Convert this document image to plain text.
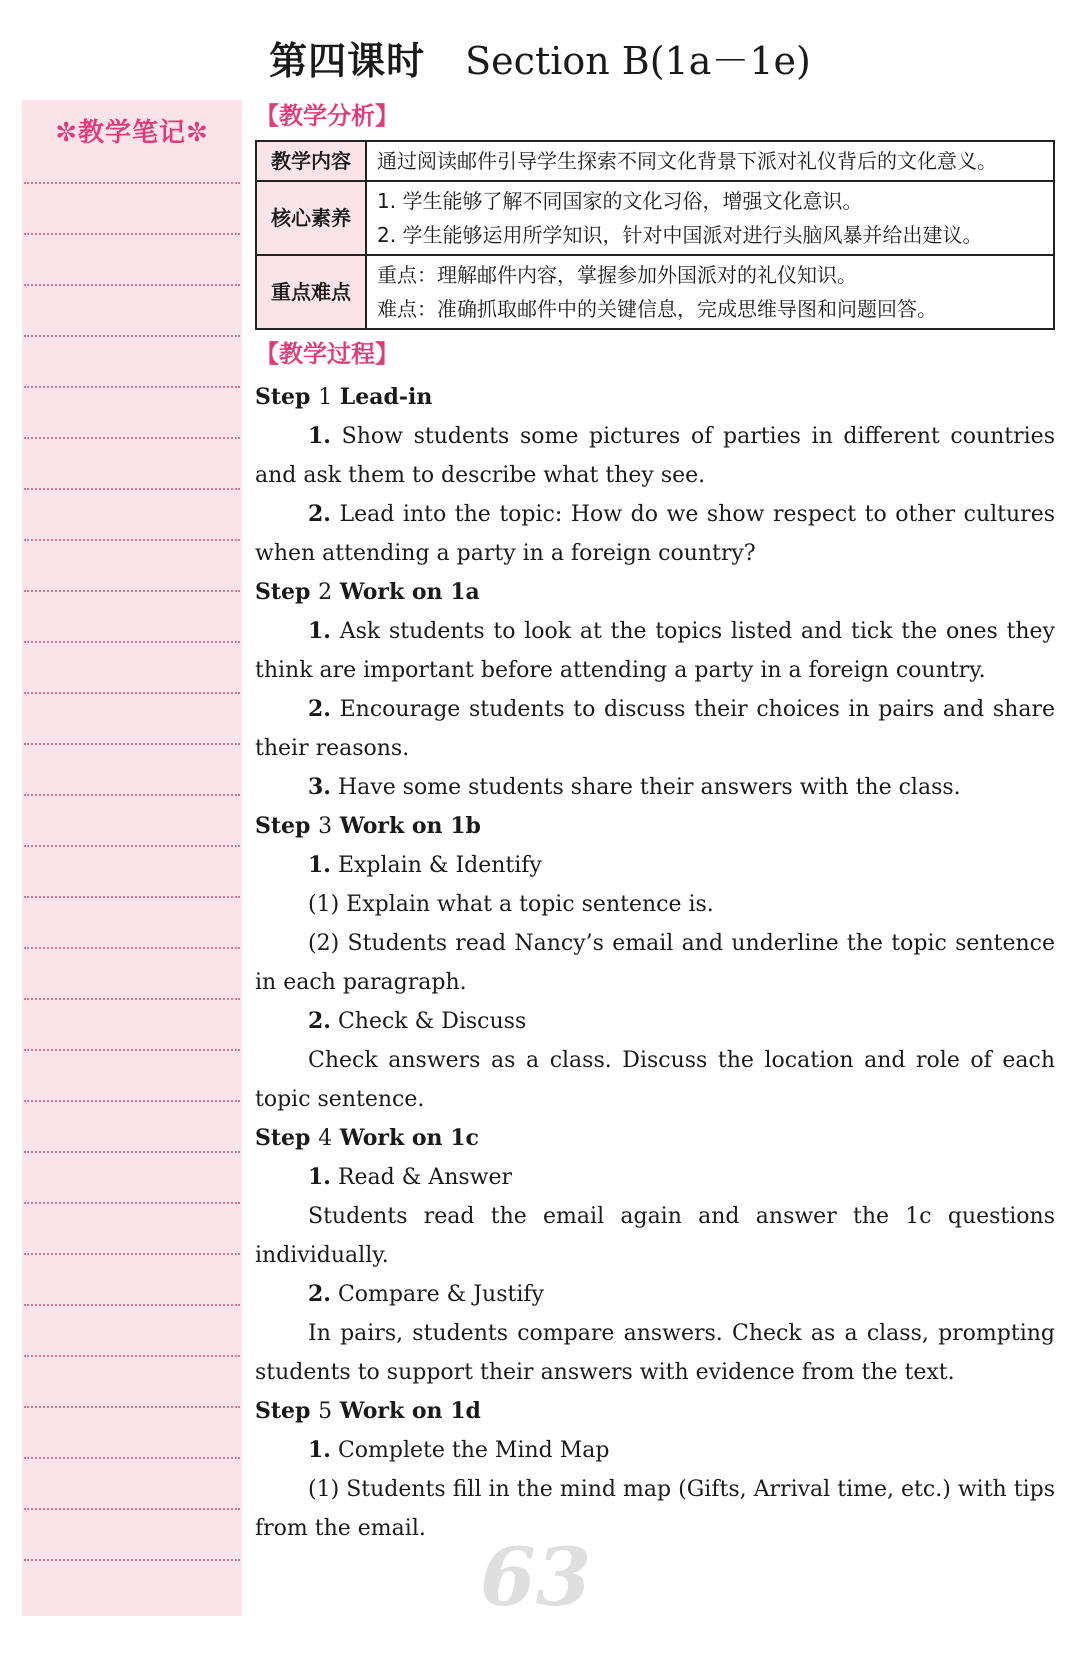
第四课时 Section B(1a－1e)
✼教学笔记✼
【教学分析】
教学内容	通过阅读邮件引导学生探索不同文化背景下派对礼仪背后的文化意义。
核心素养	1. 学生能够了解不同国家的文化习俗，增强文化意识。
2. 学生能够运用所学知识，针对中国派对进行头脑风暴并给出建议。

重点难点	重点：理解邮件内容，掌握参加外国派对的礼仪知识。
难点：准确抓取邮件中的关键信息，完成思维导图和问题回答。
【教学过程】
Step 1 Lead-in
1. Show students some pictures of parties in different countries and ask them to describe what they see.
2. Lead into the topic: How do we show respect to other cultures when attending a party in a foreign country?
Step 2 Work on 1a
1. Ask students to look at the topics listed and tick the ones they think are important before attending a party in a foreign country.
2. Encourage students to discuss their choices in pairs and share their reasons.
3. Have some students share their answers with the class.
Step 3 Work on 1b
1. Explain & Identify
(1) Explain what a topic sentence is.
(2) Students read Nancy’s email and underline the topic sentence in each paragraph.
2. Check & Discuss
Check answers as a class. Discuss the location and role of each topic sentence.
Step 4 Work on 1c
1. Read & Answer
Students read the email again and answer the 1c questions individually.
2. Compare & Justify
In pairs, students compare answers. Check as a class, prompting students to support their answers with evidence from the text.
Step 5 Work on 1d
1. Complete the Mind Map
(1) Students fill in the mind map (Gifts, Arrival time, etc.) with tips from the email.
63
